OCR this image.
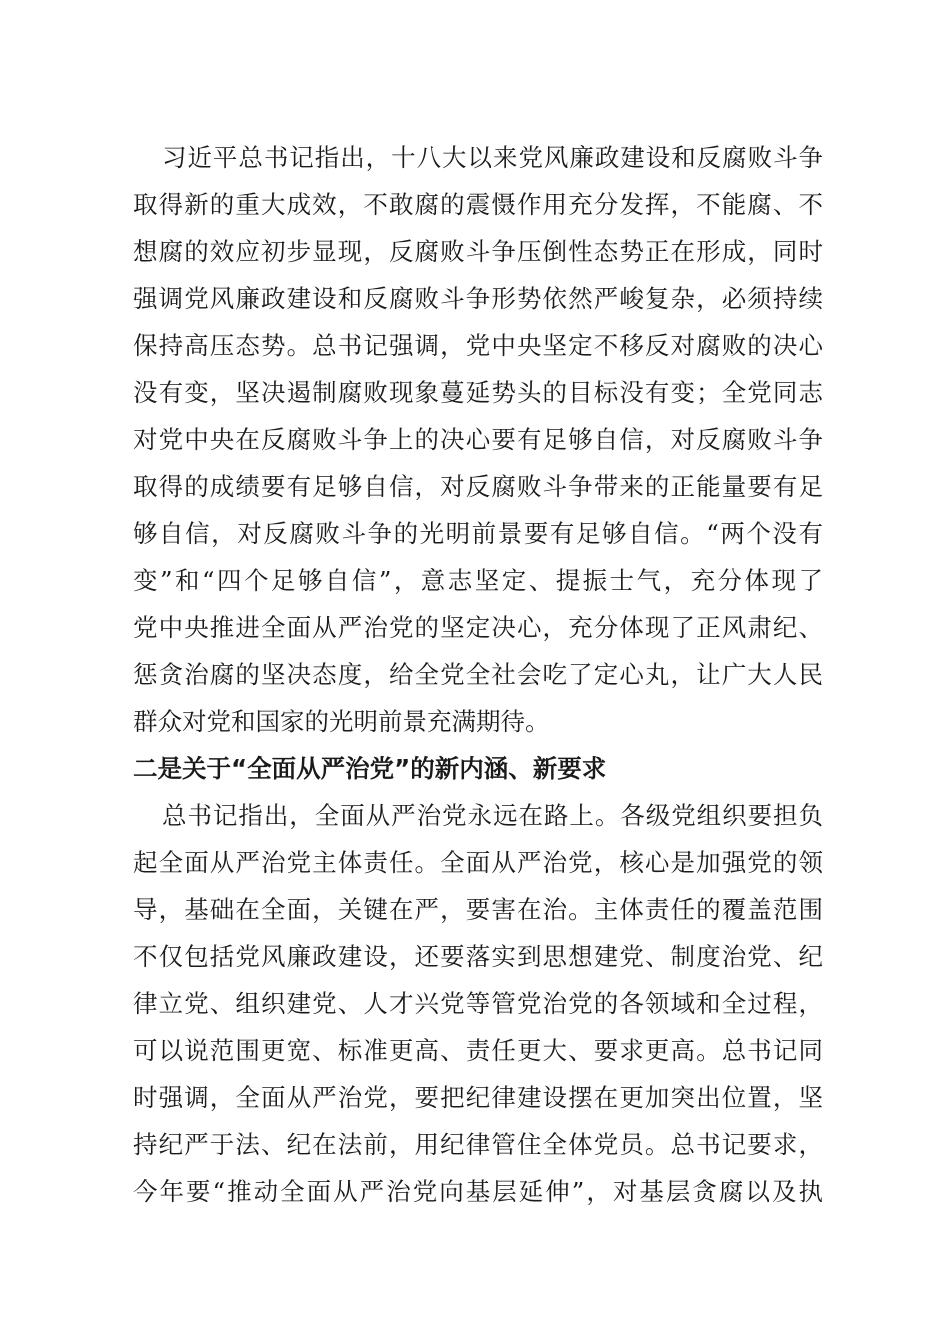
习近平总书记指出，十八大以来党风廉政建设和反腐败斗争
取得新的重大成效，不敢腐的震慑作用充分发挥，不能腐、不
想腐的效应初步显现，反腐败斗争压倒性态势正在形成，同时
强调党风廉政建设和反腐败斗争形势依然严峻复杂，必须持续
保持高压态势。总书记强调，党中央坚定不移反对腐败的决心
没有变，坚决遏制腐败现象蔓延势头的目标没有变；全党同志
对党中央在反腐败斗争上的决心要有足够自信，对反腐败斗争
取得的成绩要有足够自信，对反腐败斗争带来的正能量要有足
够自信，对反腐败斗争的光明前景要有足够自信。“两个没有
变”和“四个足够自信”，意志坚定、提振士气，充分体现了
党中央推进全面从严治党的坚定决心，充分体现了正风肃纪、
惩贪治腐的坚决态度，给全党全社会吃了定心丸，让广大人民
群众对党和国家的光明前景充满期待。
二是关于“全面从严治党”的新内涵、新要求
总书记指出，全面从严治党永远在路上。各级党组织要担负
起全面从严治党主体责任。全面从严治党，核心是加强党的领
导，基础在全面，关键在严，要害在治。主体责任的覆盖范围
不仅包括党风廉政建设，还要落实到思想建党、制度治党、纪
律立党、组织建党、人才兴党等管党治党的各领域和全过程，
可以说范围更宽、标准更高、责任更大、要求更高。总书记同
时强调，全面从严治党，要把纪律建设摆在更加突出位置，坚
持纪严于法、纪在法前，用纪律管住全体党员。总书记要求，
今年要“推动全面从严治党向基层延伸”，对基层贪腐以及执
